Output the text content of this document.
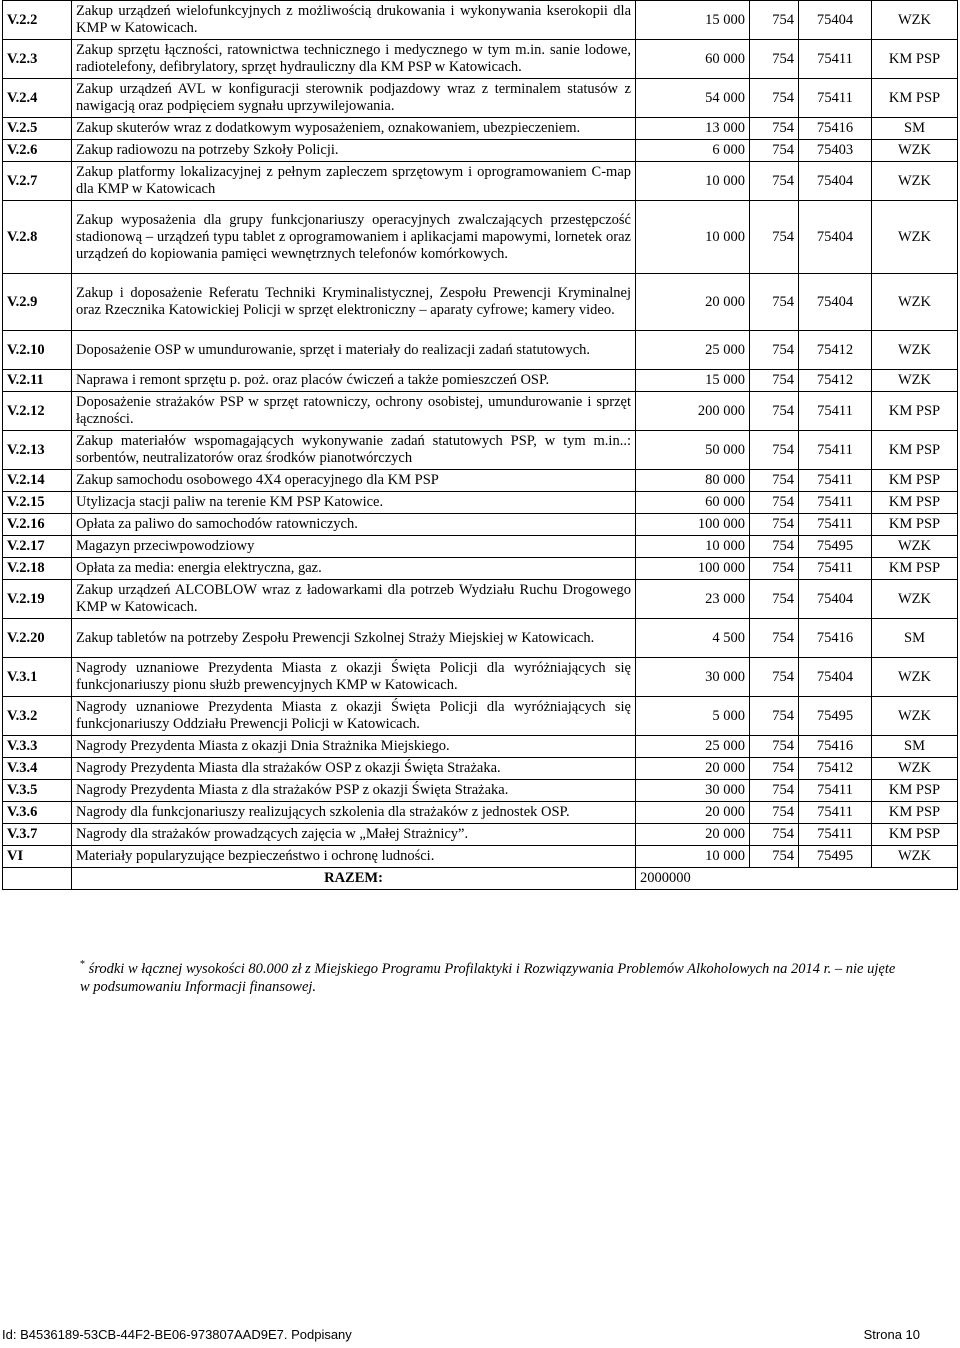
V.2.2	Zakup urządzeń wielofunkcyjnych z możliwością drukowania i wykonywania kserokopii dla KMP w Katowicach.	15 000	754	75404	WZK
V.2.3	Zakup sprzętu łączności, ratownictwa technicznego i medycznego w tym m.in. sanie lodowe, radiotelefony, defibrylatory, sprzęt hydrauliczny dla KM PSP w Katowicach.	60 000	754	75411	KM PSP
V.2.4	Zakup urządzeń AVL w konfiguracji sterownik podjazdowy wraz z terminalem statusów z nawigacją oraz podpięciem sygnału uprzywilejowania.	54 000	754	75411	KM PSP
V.2.5	Zakup skuterów wraz z dodatkowym wyposażeniem, oznakowaniem, ubezpieczeniem.	13 000	754	75416	SM
V.2.6	Zakup radiowozu na potrzeby Szkoły Policji.	6 000	754	75403	WZK
V.2.7	Zakup platformy lokalizacyjnej z pełnym zapleczem sprzętowym i oprogramowaniem C-map dla KMP w Katowicach	10 000	754	75404	WZK
V.2.8	Zakup wyposażenia dla grupy funkcjonariuszy operacyjnych zwalczających przestępczość stadionową – urządzeń typu tablet z oprogramowaniem i aplikacjami mapowymi, lornetek oraz urządzeń do kopiowania pamięci wewnętrznych telefonów komórkowych.	10 000	754	75404	WZK
V.2.9	Zakup i doposażenie Referatu Techniki Kryminalistycznej, Zespołu Prewencji Kryminalnej oraz Rzecznika Katowickiej Policji w sprzęt elektroniczny – aparaty cyfrowe; kamery video.	20 000	754	75404	WZK
V.2.10	Doposażenie OSP w umundurowanie, sprzęt i materiały do realizacji zadań statutowych.	25 000	754	75412	WZK
V.2.11	Naprawa i remont sprzętu p. poż. oraz placów ćwiczeń a także pomieszczeń OSP.	15 000	754	75412	WZK
V.2.12	Doposażenie strażaków PSP w sprzęt ratowniczy, ochrony osobistej, umundurowanie i sprzęt łączności.	200 000	754	75411	KM PSP
V.2.13	Zakup materiałów wspomagających wykonywanie zadań statutowych PSP, w tym m.in..: sorbentów, neutralizatorów oraz środków pianotwórczych	50 000	754	75411	KM PSP
V.2.14	Zakup samochodu osobowego 4X4 operacyjnego dla KM PSP	80 000	754	75411	KM PSP
V.2.15	Utylizacja stacji paliw na terenie KM PSP Katowice.	60 000	754	75411	KM PSP
V.2.16	Opłata za paliwo do samochodów ratowniczych.	100 000	754	75411	KM PSP
V.2.17	Magazyn przeciwpowodziowy	10 000	754	75495	WZK
V.2.18	Opłata za media: energia elektryczna, gaz.	100 000	754	75411	KM PSP
V.2.19	Zakup urządzeń ALCOBLOW wraz z ładowarkami dla potrzeb Wydziału Ruchu Drogowego KMP w Katowicach.	23 000	754	75404	WZK
V.2.20	Zakup tabletów na potrzeby Zespołu Prewencji Szkolnej Straży Miejskiej w Katowicach.	4 500	754	75416	SM
V.3.1	Nagrody uznaniowe Prezydenta Miasta z okazji Święta Policji dla wyróżniających się funkcjonariuszy pionu służb prewencyjnych KMP w Katowicach.	30 000	754	75404	WZK
V.3.2	Nagrody uznaniowe Prezydenta Miasta z okazji Święta Policji dla wyróżniających się funkcjonariuszy Oddziału Prewencji Policji w Katowicach.	5 000	754	75495	WZK
V.3.3	Nagrody Prezydenta Miasta z okazji Dnia Strażnika Miejskiego.	25 000	754	75416	SM
V.3.4	Nagrody Prezydenta Miasta dla strażaków OSP z okazji Święta Strażaka.	20 000	754	75412	WZK
V.3.5	Nagrody Prezydenta Miasta z dla strażaków PSP z okazji Święta Strażaka.	30 000	754	75411	KM PSP
V.3.6	Nagrody dla funkcjonariuszy realizujących szkolenia dla strażaków z jednostek OSP.	20 000	754	75411	KM PSP
V.3.7	Nagrody dla strażaków prowadzących zajęcia w „Małej Strażnicy”.	20 000	754	75411	KM PSP
VI	Materiały popularyzujące bezpieczeństwo i ochronę ludności.	10 000	754	75495	WZK
	RAZEM:	2000000			
* środki w łącznej wysokości 80.000 zł z Miejskiego Programu Profilaktyki i Rozwiązywania Problemów Alkoholowych na 2014 r. – nie ujęte w podsumowaniu Informacji finansowej.
Id: B4536189-53CB-44F2-BE06-973807AAD9E7. Podpisany	Strona 10
